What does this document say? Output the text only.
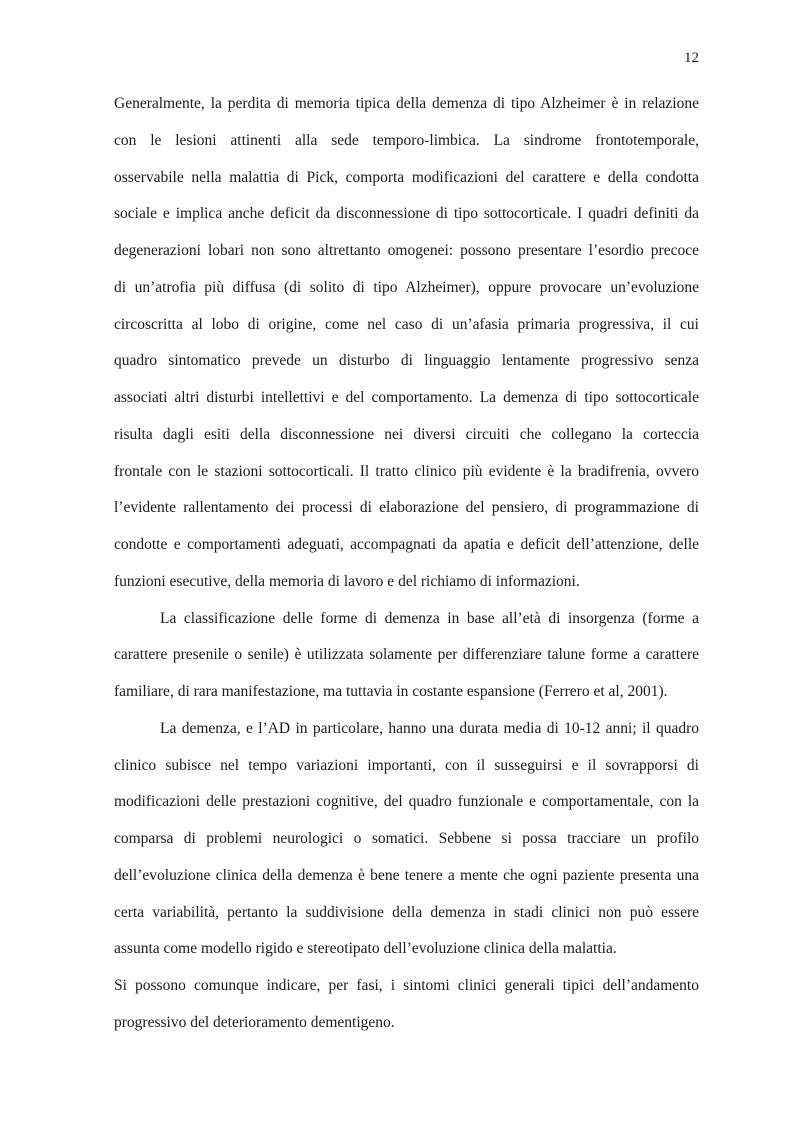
12
Generalmente, la perdita di memoria tipica della demenza di tipo Alzheimer è in relazione
con le lesioni attinenti alla sede temporo-limbica. La sindrome frontotemporale,
osservabile nella malattia di Pick, comporta modificazioni del carattere e della condotta
sociale e implica anche deficit da disconnessione di tipo sottocorticale. I quadri definiti da
degenerazioni lobari non sono altrettanto omogenei: possono presentare l’esordio precoce
di un’atrofia più diffusa (di solito di tipo Alzheimer), oppure provocare un’evoluzione
circoscritta al lobo di origine, come nel caso di un’afasia primaria progressiva, il cui
quadro sintomatico prevede un disturbo di linguaggio lentamente progressivo senza
associati altri disturbi intellettivi e del comportamento. La demenza di tipo sottocorticale
risulta dagli esiti della disconnessione nei diversi circuiti che collegano la corteccia
frontale con le stazioni sottocorticali. Il tratto clinico più evidente è la bradifrenia, ovvero
l’evidente rallentamento dei processi di elaborazione del pensiero, di programmazione di
condotte e comportamenti adeguati, accompagnati da apatia e deficit dell’attenzione, delle
funzioni esecutive, della memoria di lavoro e del richiamo di informazioni.
La classificazione delle forme di demenza in base all’età di insorgenza (forme a
carattere presenile o senile) è utilizzata solamente per differenziare talune forme a carattere
familiare, di rara manifestazione, ma tuttavia in costante espansione (Ferrero et al, 2001).
La demenza, e l’AD in particolare, hanno una durata media di 10-12 anni; il quadro
clinico subisce nel tempo variazioni importanti, con il susseguirsi e il sovrapporsi di
modificazioni delle prestazioni cognitive, del quadro funzionale e comportamentale, con la
comparsa di problemi neurologici o somatici. Sebbene si possa tracciare un profilo
dell’evoluzione clinica della demenza è bene tenere a mente che ogni paziente presenta una
certa variabilità, pertanto la suddivisione della demenza in stadi clinici non può essere
assunta come modello rigido e stereotipato dell’evoluzione clinica della malattia.
Si possono comunque indicare, per fasi, i sintomi clinici generali tipici dell’andamento
progressivo del deterioramento dementigeno.
